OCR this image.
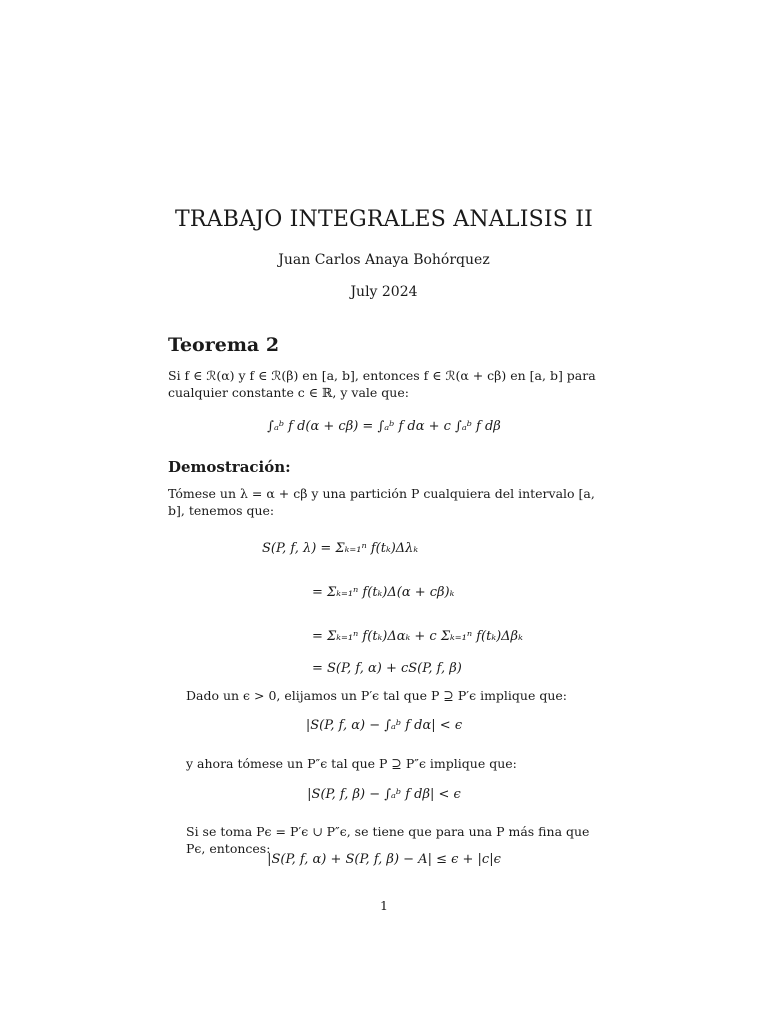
TRABAJO INTEGRALES ANALISIS II
Juan Carlos Anaya Bohórquez
July 2024
Teorema 2
Si f ∈ ℛ(α) y f ∈ ℛ(β) en [a, b], entonces f ∈ ℛ(α + cβ) en [a, b] para cualquier constante c ∈ ℝ, y vale que:
∫ₐᵇ f d(α + cβ) = ∫ₐᵇ f dα + c ∫ₐᵇ f dβ
Demostración:
Tómese un λ = α + cβ y una partición P cualquiera del intervalo [a, b], tenemos que:
S(P, f, λ) = Σₖ₌₁ⁿ f(tₖ)Δλₖ
= Σₖ₌₁ⁿ f(tₖ)Δ(α + cβ)ₖ
= Σₖ₌₁ⁿ f(tₖ)Δαₖ + c Σₖ₌₁ⁿ f(tₖ)Δβₖ
= S(P, f, α) + cS(P, f, β)
Dado un ϵ > 0, elijamos un P′ϵ tal que P ⊇ P′ϵ implique que:
|S(P, f, α) − ∫ₐᵇ f dα| < ϵ
y ahora tómese un P″ϵ tal que P ⊇ P″ϵ implique que:
|S(P, f, β) − ∫ₐᵇ f dβ| < ϵ
Si se toma Pϵ = P′ϵ ∪ P″ϵ, se tiene que para una P más fina que Pϵ, entonces:
|S(P, f, α) + S(P, f, β) − A| ≤ ϵ + |c|ϵ
1
